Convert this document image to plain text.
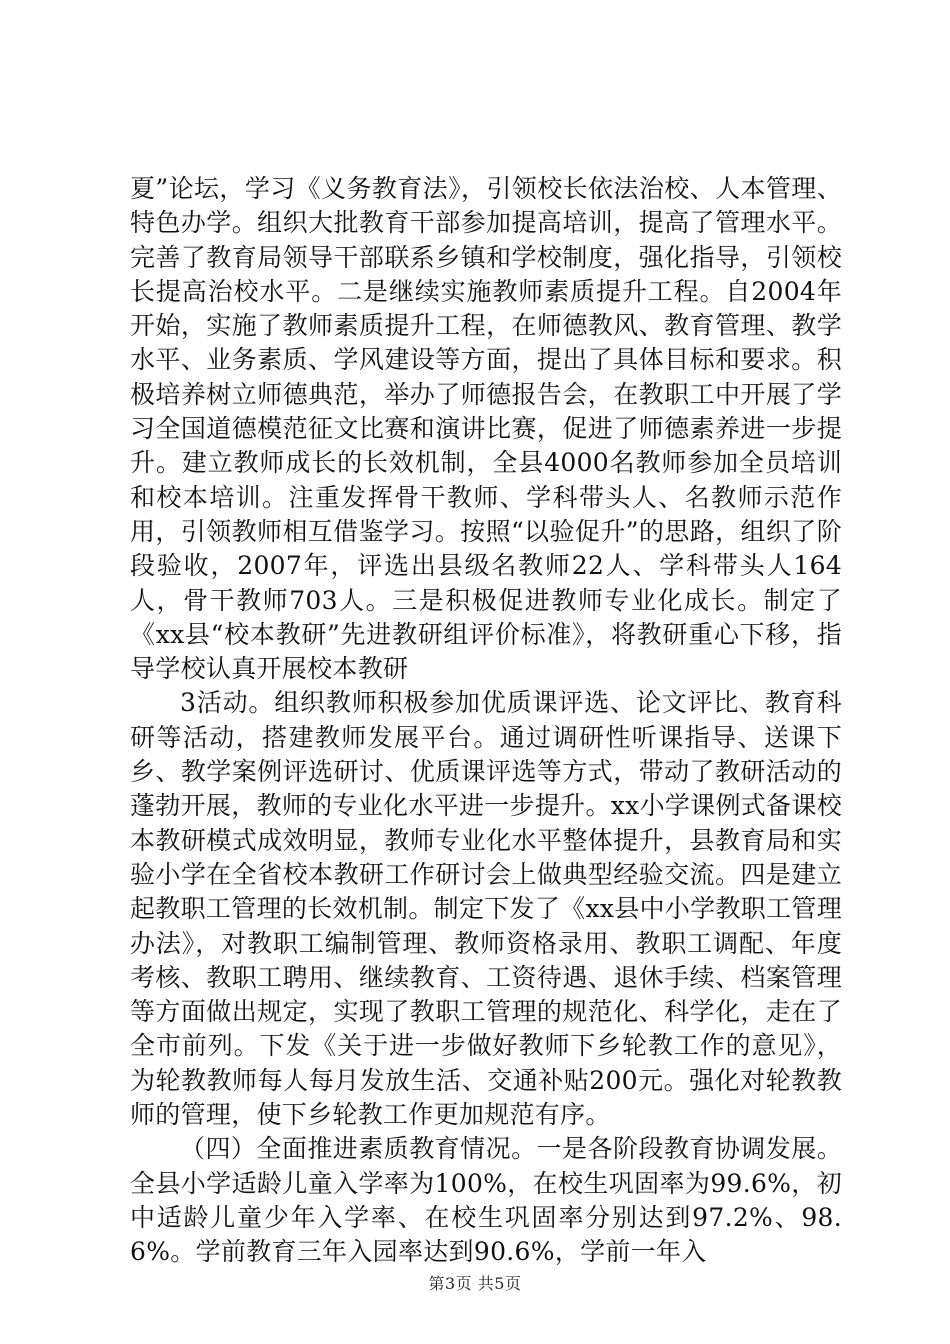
夏”论坛，学习《义务教育法》，引领校长依法治校、人本管理、特色办学。组织大批教育干部参加提高培训，提高了管理水平。完善了教育局领导干部联系乡镇和学校制度，强化指导，引领校长提高治校水平。二是继续实施教师素质提升工程。自2004年开始，实施了教师素质提升工程，在师德教风、教育管理、教学水平、业务素质、学风建设等方面，提出了具体目标和要求。积极培养树立师德典范，举办了师德报告会，在教职工中开展了学习全国道德模范征文比赛和演讲比赛，促进了师德素养进一步提升。建立教师成长的长效机制，全县4000名教师参加全员培训和校本培训。注重发挥骨干教师、学科带头人、名教师示范作用，引领教师相互借鉴学习。按照“以验促升”的思路，组织了阶段验收，2007年，评选出县级名教师22人、学科带头人164人，骨干教师703人。三是积极促进教师专业化成长。制定了《xx县“校本教研”先进教研组评价标准》，将教研重心下移，指导学校认真开展校本教研

3活动。组织教师积极参加优质课评选、论文评比、教育科研等活动，搭建教师发展平台。通过调研性听课指导、送课下乡、教学案例评选研讨、优质课评选等方式，带动了教研活动的蓬勃开展，教师的专业化水平进一步提升。xx小学课例式备课校本教研模式成效明显，教师专业化水平整体提升，县教育局和实验小学在全省校本教研工作研讨会上做典型经验交流。四是建立起教职工管理的长效机制。制定下发了《xx县中小学教职工管理办法》，对教职工编制管理、教师资格录用、教职工调配、年度考核、教职工聘用、继续教育、工资待遇、退休手续、档案管理等方面做出规定，实现了教职工管理的规范化、科学化，走在了全市前列。下发《关于进一步做好教师下乡轮教工作的意见》，为轮教教师每人每月发放生活、交通补贴200元。强化对轮教教师的管理，使下乡轮教工作更加规范有序。

（四）全面推进素质教育情况。一是各阶段教育协调发展。全县小学适龄儿童入学率为100%，在校生巩固率为99.6%，初中适龄儿童少年入学率、在校生巩固率分别达到97.2%、98.6%。学前教育三年入园率达到90.6%，学前一年入

第3页 共5页
